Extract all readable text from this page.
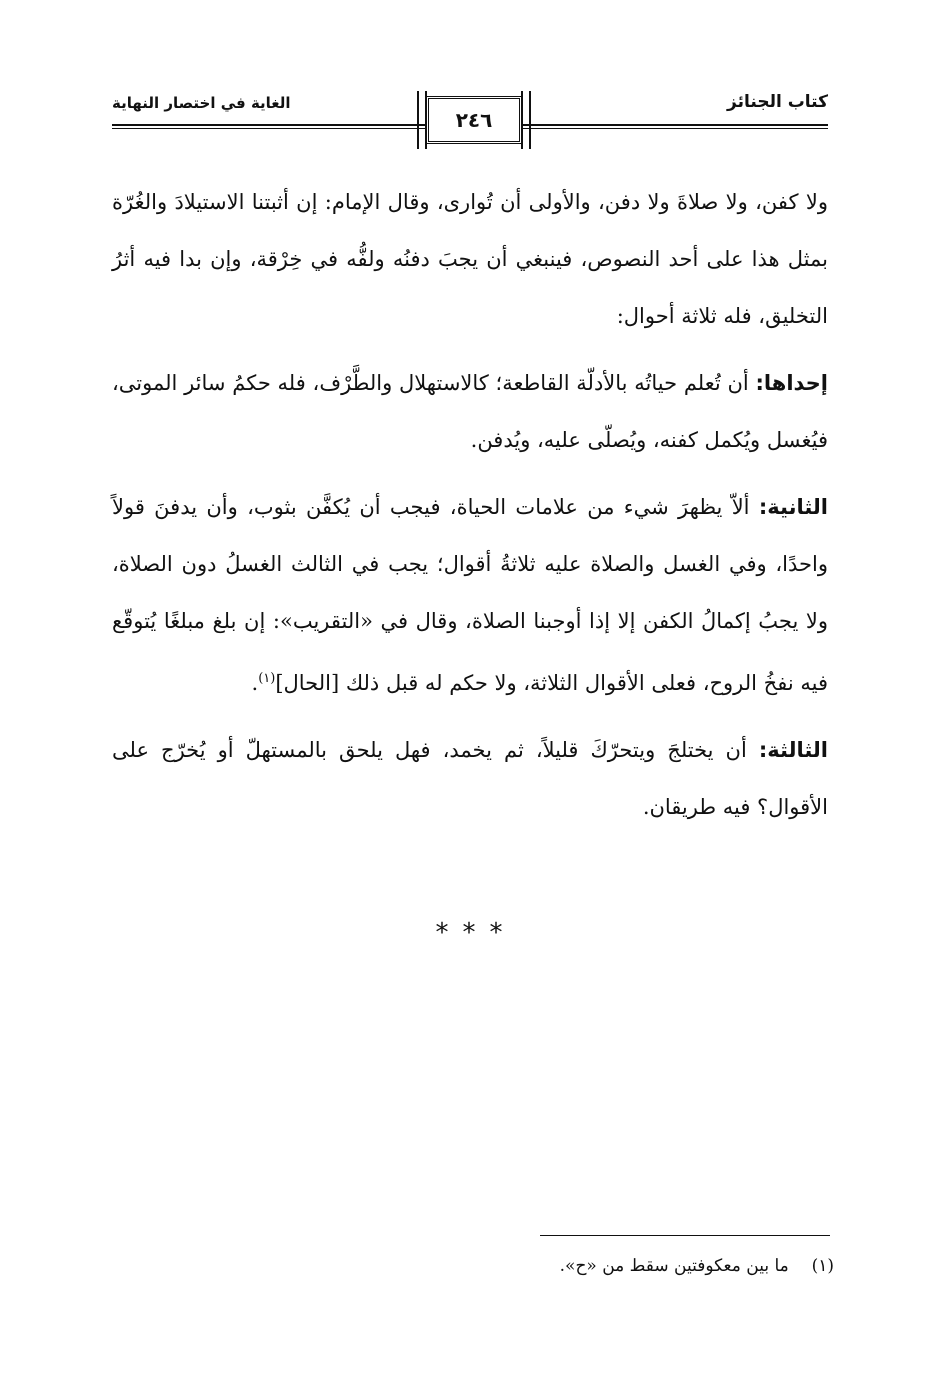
كتاب الجنائز
الغاية في اختصار النهاية
٢٤٦

ولا كفن، ولا صلاةَ ولا دفن، والأولى أن تُوارى، وقال الإمام: إن أثبتنا الاستيلادَ والغُرّة بمثل هذا على أحد النصوص، فينبغي أن يجبَ دفنُه ولفُّه في خِرْقة، وإن بدا فيه أثرُ التخليق، فله ثلاثة أحوال:

إحداها: أن تُعلم حياتُه بالأدلّة القاطعة؛ كالاستهلال والطَّرْف، فله حكمُ سائر الموتى، فيُغسل ويُكمل كفنه، ويُصلّى عليه، ويُدفن.

الثانية: ألاّ يظهرَ شيء من علامات الحياة، فيجب أن يُكفَّن بثوب، وأن يدفنَ قولاً واحدًا، وفي الغسل والصلاة عليه ثلاثةُ أقوال؛ يجب في الثالث الغسلُ دون الصلاة، ولا يجبُ إكمالُ الكفن إلا إذا أوجبنا الصلاة، وقال في «التقريب»: إن بلغ مبلغًا يُتوقّع فيه نفخُ الروح، فعلى الأقوال الثلاثة، ولا حكم له قبل ذلك [الحال]$^{(١)}$.

الثالثة: أن يختلجَ ويتحرّكَ قليلاً، ثم يخمد، فهل يلحق بالمستهلّ أو يُخرّج على الأقوال؟ فيه طريقان.

***
(١)  ما بين معكوفتين سقط من «ح».
